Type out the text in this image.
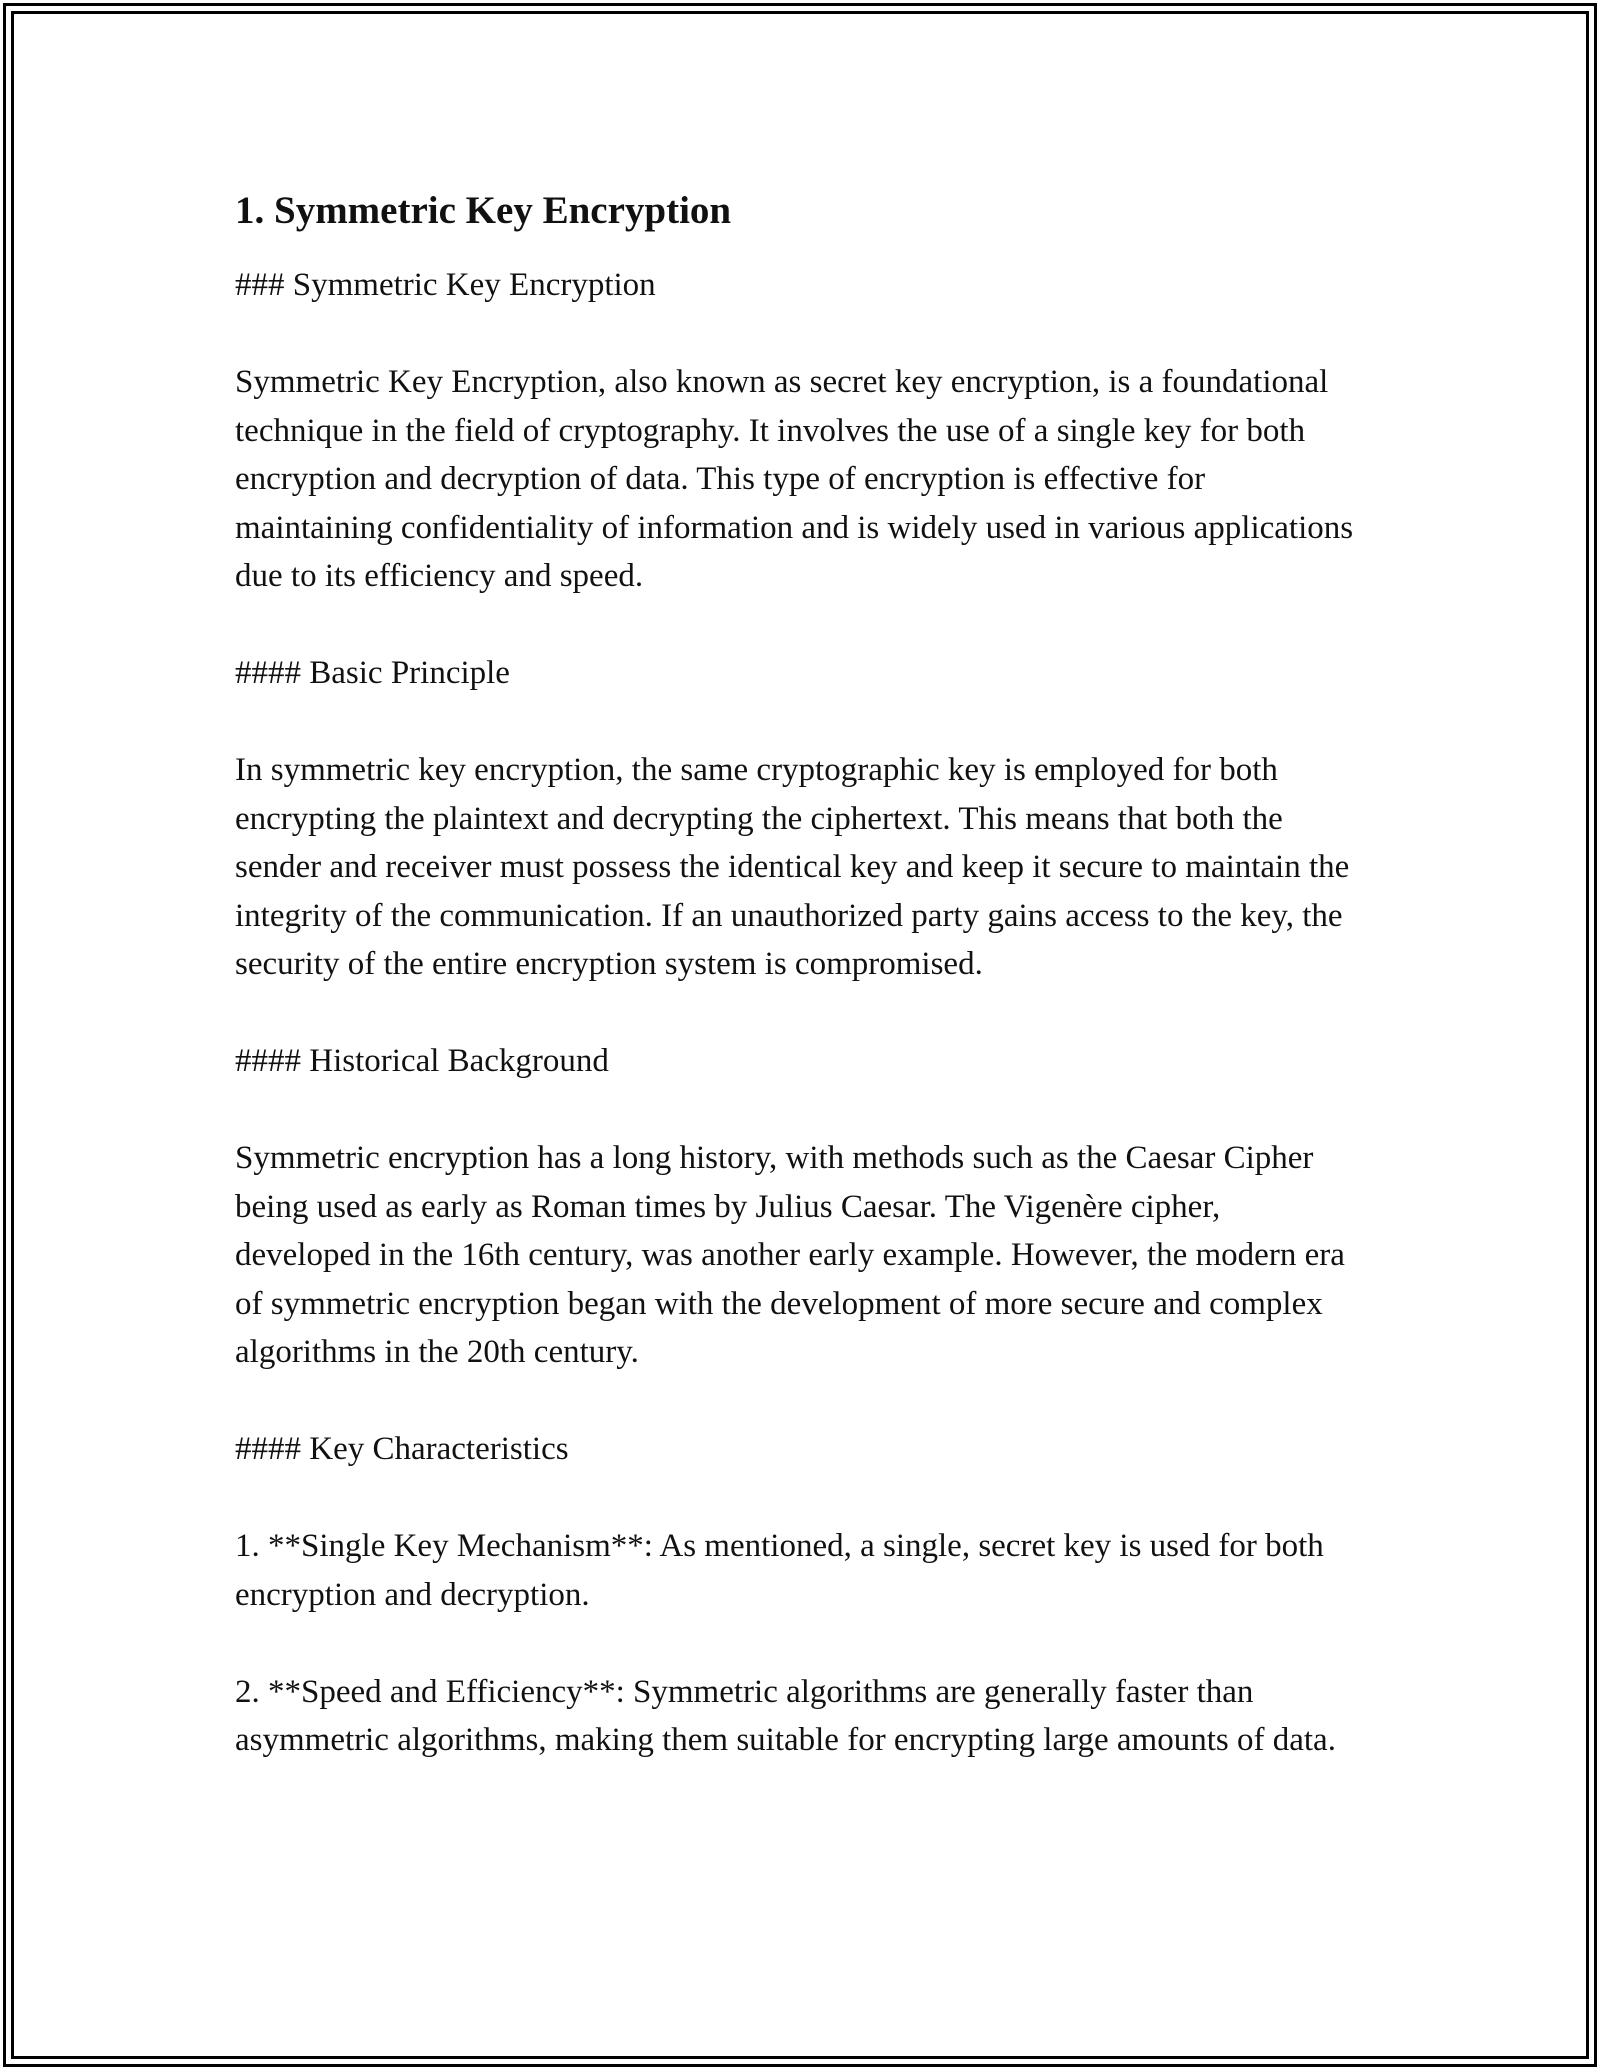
1. Symmetric Key Encryption

### Symmetric Key Encryption

Symmetric Key Encryption, also known as secret key encryption, is a foundational technique in the field of cryptography. It involves the use of a single key for both encryption and decryption of data. This type of encryption is effective for maintaining confidentiality of information and is widely used in various applications due to its efficiency and speed.

#### Basic Principle

In symmetric key encryption, the same cryptographic key is employed for both encrypting the plaintext and decrypting the ciphertext. This means that both the sender and receiver must possess the identical key and keep it secure to maintain the integrity of the communication. If an unauthorized party gains access to the key, the security of the entire encryption system is compromised.

#### Historical Background

Symmetric encryption has a long history, with methods such as the Caesar Cipher being used as early as Roman times by Julius Caesar. The Vigenère cipher, developed in the 16th century, was another early example. However, the modern era of symmetric encryption began with the development of more secure and complex algorithms in the 20th century.

#### Key Characteristics

1. **Single Key Mechanism**: As mentioned, a single, secret key is used for both encryption and decryption.

2. **Speed and Efficiency**: Symmetric algorithms are generally faster than asymmetric algorithms, making them suitable for encrypting large amounts of data.
